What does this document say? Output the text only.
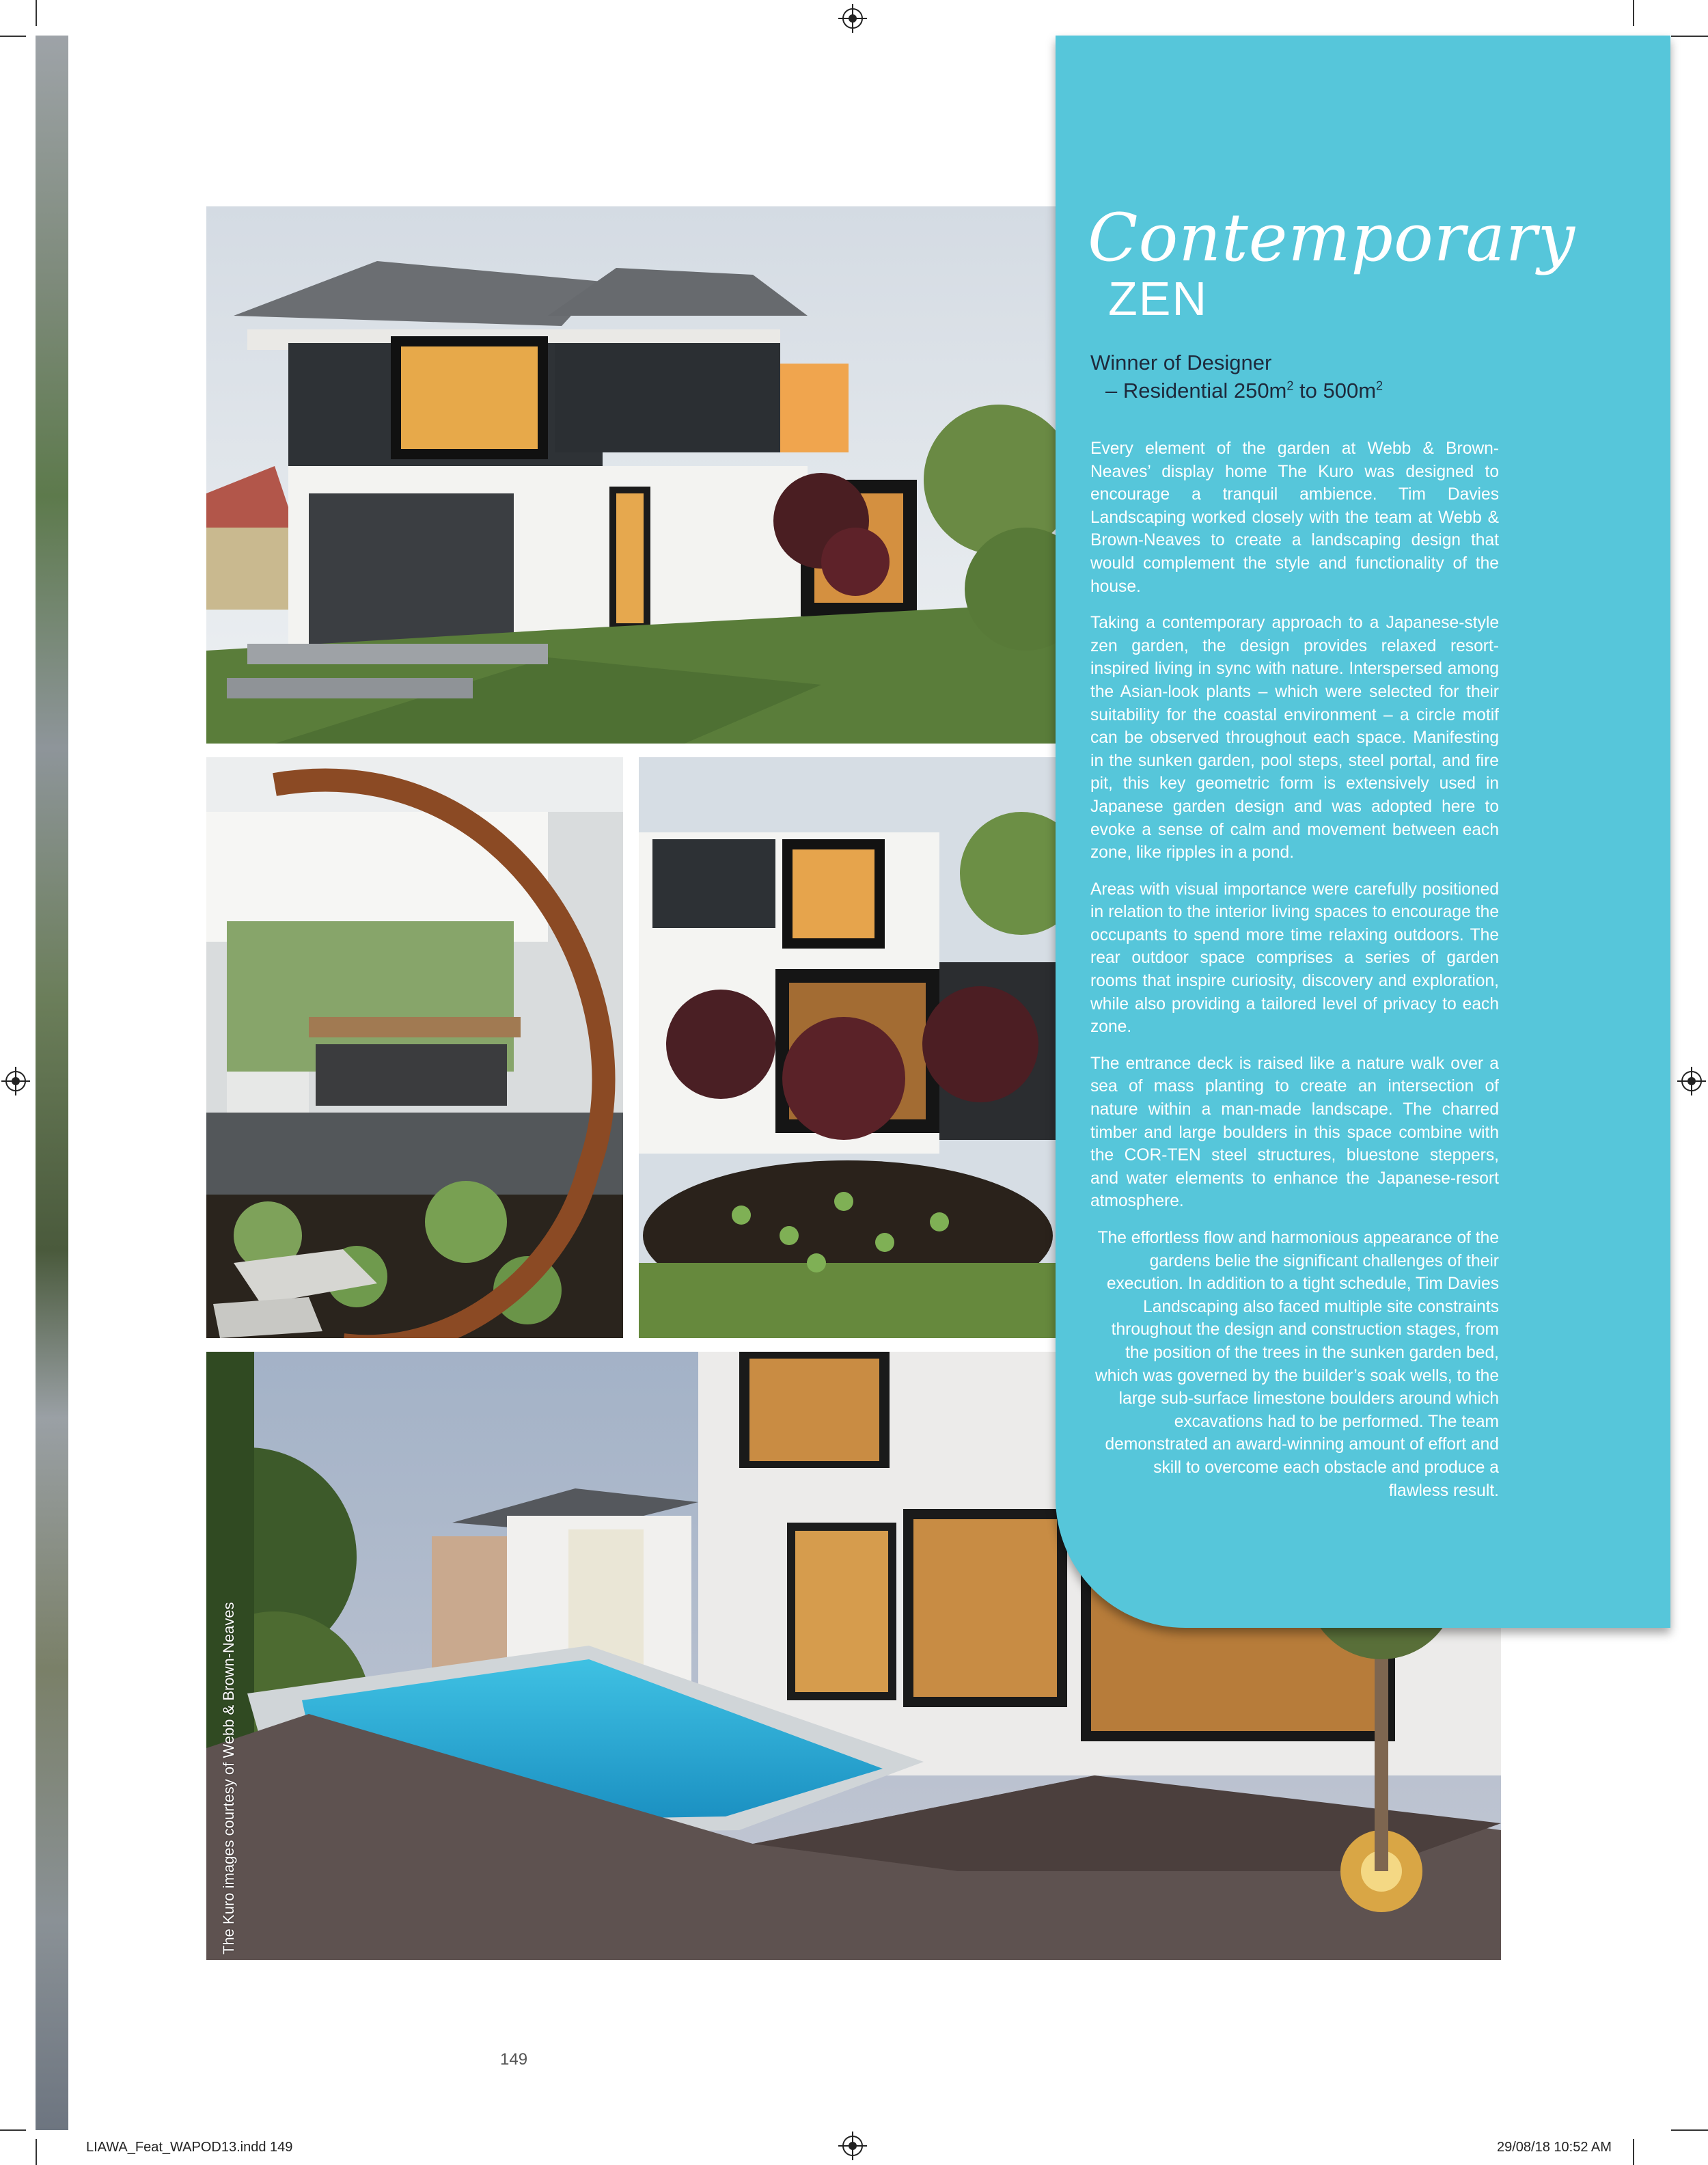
Contemporary
ZEN
Winner of Designer
– Residential $250m^2$ to $500m^2$

Every element of the garden at Webb & Brown-Neaves’ display home The Kuro was designed to encourage a tranquil ambience. Tim Davies Landscaping worked closely with the team at Webb & Brown-Neaves to create a landscaping design that would complement the style and functionality of the house.

Taking a contemporary approach to a Japanese-style zen garden, the design provides relaxed resort-inspired living in sync with nature. Interspersed among the Asian-look plants – which were selected for their suitability for the coastal environment – a circle motif can be observed throughout each space. Manifesting in the sunken garden, pool steps, steel portal, and fire pit, this key geometric form is extensively used in Japanese garden design and was adopted here to evoke a sense of calm and movement between each zone, like ripples in a pond.

Areas with visual importance were carefully positioned in relation to the interior living spaces to encourage the occupants to spend more time relaxing outdoors. The rear outdoor space comprises a series of garden rooms that inspire curiosity, discovery and exploration, while also providing a tailored level of privacy to each zone.

The entrance deck is raised like a nature walk over a sea of mass planting to create an intersection of nature within a man-made landscape. The charred timber and large boulders in this space combine with the COR-TEN steel structures, bluestone steppers, and water elements to enhance the Japanese-resort atmosphere.

The effortless flow and harmonious appearance of the gardens belie the significant challenges of their execution. In addition to a tight schedule, Tim Davies Landscaping also faced multiple site constraints throughout the design and construction stages, from the position of the trees in the sunken garden bed, which was governed by the builder’s soak wells, to the large sub-surface limestone boulders around which excavations had to be performed. The team demonstrated an award-winning amount of effort and skill to overcome each obstacle and produce a flawless result.

The Kuro images courtesy of Webb & Brown-Neaves
149
LIAWA_Feat_WAPOD13.indd 149	29/08/18 10:52 AM
